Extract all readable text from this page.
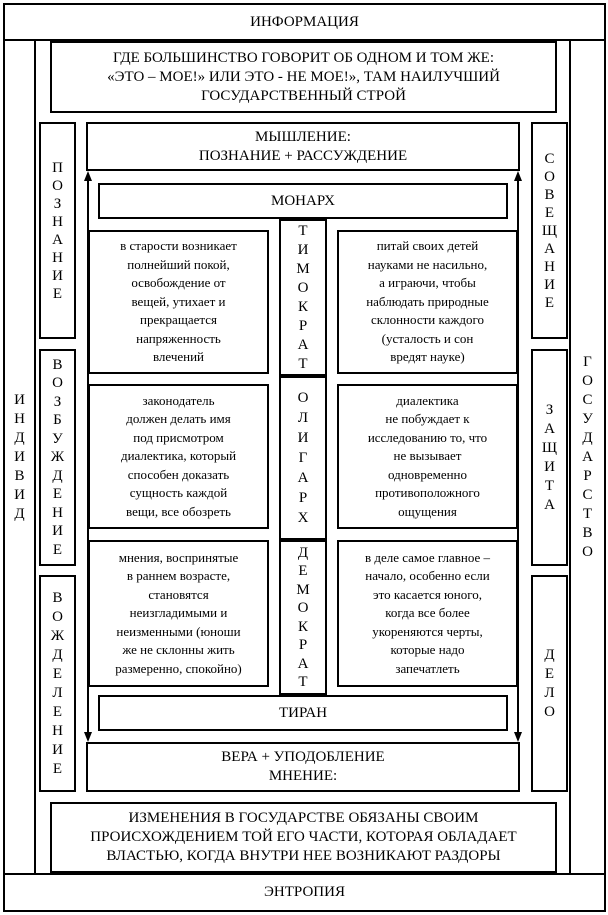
ИНФОРМАЦИЯ
ЭНТРОПИЯ
И
Н
Д
И
В
И
Д
Г
О
С
У
Д
А
Р
С
Т
В
О
ГДЕ БОЛЬШИНСТВО ГОВОРИТ ОБ ОДНОМ И ТОМ ЖЕ:
«ЭТО – МОЕ!» ИЛИ ЭТО - НЕ МОЕ!», ТАМ НАИЛУЧШИЙ
ГОСУДАРСТВЕННЫЙ СТРОЙ
ИЗМЕНЕНИЯ В ГОСУДАРСТВЕ ОБЯЗАНЫ СВОИМ
ПРОИСХОЖДЕНИЕМ ТОЙ ЕГО ЧАСТИ, КОТОРАЯ ОБЛАДАЕТ
ВЛАСТЬЮ, КОГДА ВНУТРИ НЕЕ ВОЗНИКАЮТ РАЗДОРЫ
П
О
З
Н
А
Н
И
Е
В
О
З
Б
У
Ж
Д
Е
Н
И
Е
В
О
Ж
Д
Е
Л
Е
Н
И
Е
С
О
В
Е
Щ
А
Н
И
Е
З
А
Щ
И
Т
А
Д
Е
Л
О
МЫШЛЕНИЕ:
ПОЗНАНИЕ + РАССУЖДЕНИЕ
ВЕРА + УПОДОБЛЕНИЕ
МНЕНИЕ:
МОНАРХ
ТИРАН
Т
И
М
О
К
Р
А
Т
О
Л
И
Г
А
Р
Х
Д
Е
М
О
К
Р
А
Т
в старости возникает
полнейший покой,
освобождение от
вещей, утихает и
прекращается
напряженность
влечений
законодатель
должен делать имя
под присмотром
диалектика, который
способен доказать
сущность каждой
вещи, все обозреть
мнения, воспринятые
в раннем возрасте,
становятся
неизгладимыми и
неизменными (юноши
же не склонны жить
размеренно, спокойно)
питай своих детей
науками не насильно,
а играючи, чтобы
наблюдать природные
склонности каждого
(усталость и сон
вредят науке)
диалектика
не побуждает к
исследованию то, что
не вызывает
одновременно
противоположного
ощущения
в деле самое главное –
начало, особенно если
это касается юного,
когда все более
укореняются черты,
которые надо
запечатлеть
